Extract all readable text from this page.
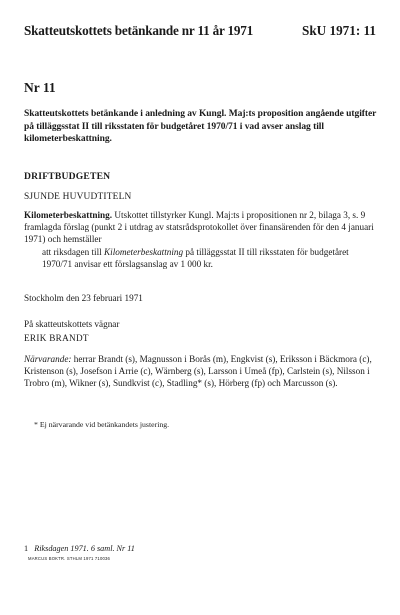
Skatteutskottets betänkande nr 11 år 1971	SkU 1971: 11
Nr 11
Skatteutskottets betänkande i anledning av Kungl. Maj:ts proposition angående utgifter på tilläggsstat II till riksstaten för budgetåret 1970/71 i vad avser anslag till kilometerbeskattning.
DRIFTBUDGETEN
SJUNDE HUVUDTITELN
Kilometerbeskattning. Utskottet tillstyrker Kungl. Maj:ts i propositionen nr 2, bilaga 3, s. 9 framlagda förslag (punkt 2 i utdrag av statsrådsprotokollet över finansärenden för den 4 januari 1971) och hemställer
att riksdagen till Kilometerbeskattning på tilläggsstat II till riksstaten för budgetåret 1970/71 anvisar ett förslagsanslag av 1 000 kr.
Stockholm den 23 februari 1971
På skatteutskottets vägnar
ERIK BRANDT
Närvarande: herrar Brandt (s), Magnusson i Borås (m), Engkvist (s), Eriksson i Bäckmora (c), Kristenson (s), Josefson i Arrie (c), Wärnberg (s), Larsson i Umeå (fp), Carlstein (s), Nilsson i Trobro (m), Wikner (s), Sundkvist (c), Stadling* (s), Hörberg (fp) och Marcusson (s).
* Ej närvarande vid betänkandets justering.
1 Riksdagen 1971. 6 saml. Nr 11
MARCUS BOKTR. STHLM 1971 710036
